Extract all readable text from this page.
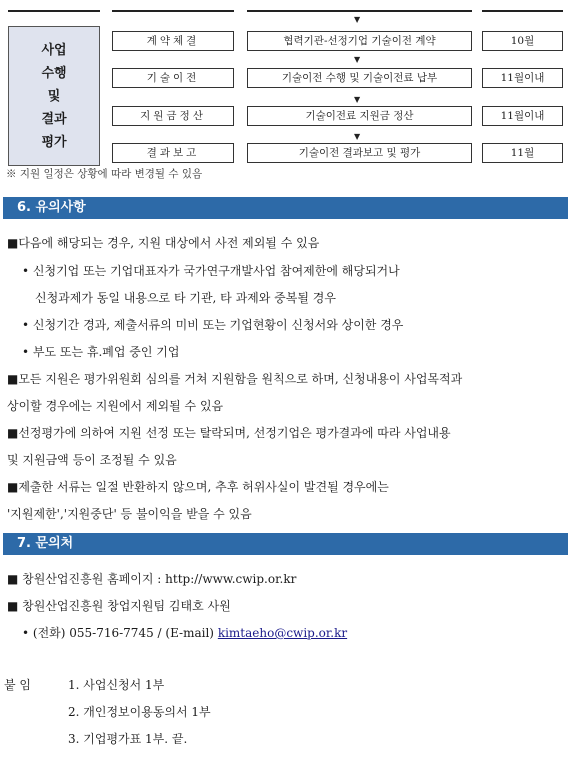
사업
수행
및
결과
평가
▼
▼
▼
▼
계약체결	협력기관-선정기업 기술이전 계약	10월
기술이전	기술이전 수행 및 기술이전료 납부	11월이내
지원금정산	기술이전료 지원금 정산	11월이내
결과보고	기술이전 결과보고 및 평가	11월
※ 지원 일정은 상황에 따라 변경될 수 있음
6. 유의사항
■다음에 해당되는 경우, 지원 대상에서 사전 제외될 수 있음
• 신청기업 또는 기업대표자가 국가연구개발사업 참여제한에 해당되거나
신청과제가 동일 내용으로 타 기관, 타 과제와 중복될 경우
• 신청기간 경과, 제출서류의 미비 또는 기업현황이 신청서와 상이한 경우
• 부도 또는 휴.폐업 중인 기업
■모든 지원은 평가위원회 심의를 거쳐 지원함을 원칙으로 하며, 신청내용이 사업목적과
상이할 경우에는 지원에서 제외될 수 있음
■선정평가에 의하여 지원 선정 또는 탈락되며, 선정기업은 평가결과에 따라 사업내용
및 지원금액 등이 조정될 수 있음
■제출한 서류는 일절 반환하지 않으며, 추후 허위사실이 발견될 경우에는
'지원제한','지원중단' 등 불이익을 받을 수 있음
7. 문의처
■ 창원산업진흥원 홈페이지 : http://www.cwip.or.kr
■ 창원산업진흥원 창업지원팀 김태호 사원
• (전화) 055-716-7745 / (E-mail) kimtaeho@cwip.or.kr
붙 임	1. 사업신청서 1부
2. 개인정보이용동의서 1부
3. 기업평가표 1부. 끝.
